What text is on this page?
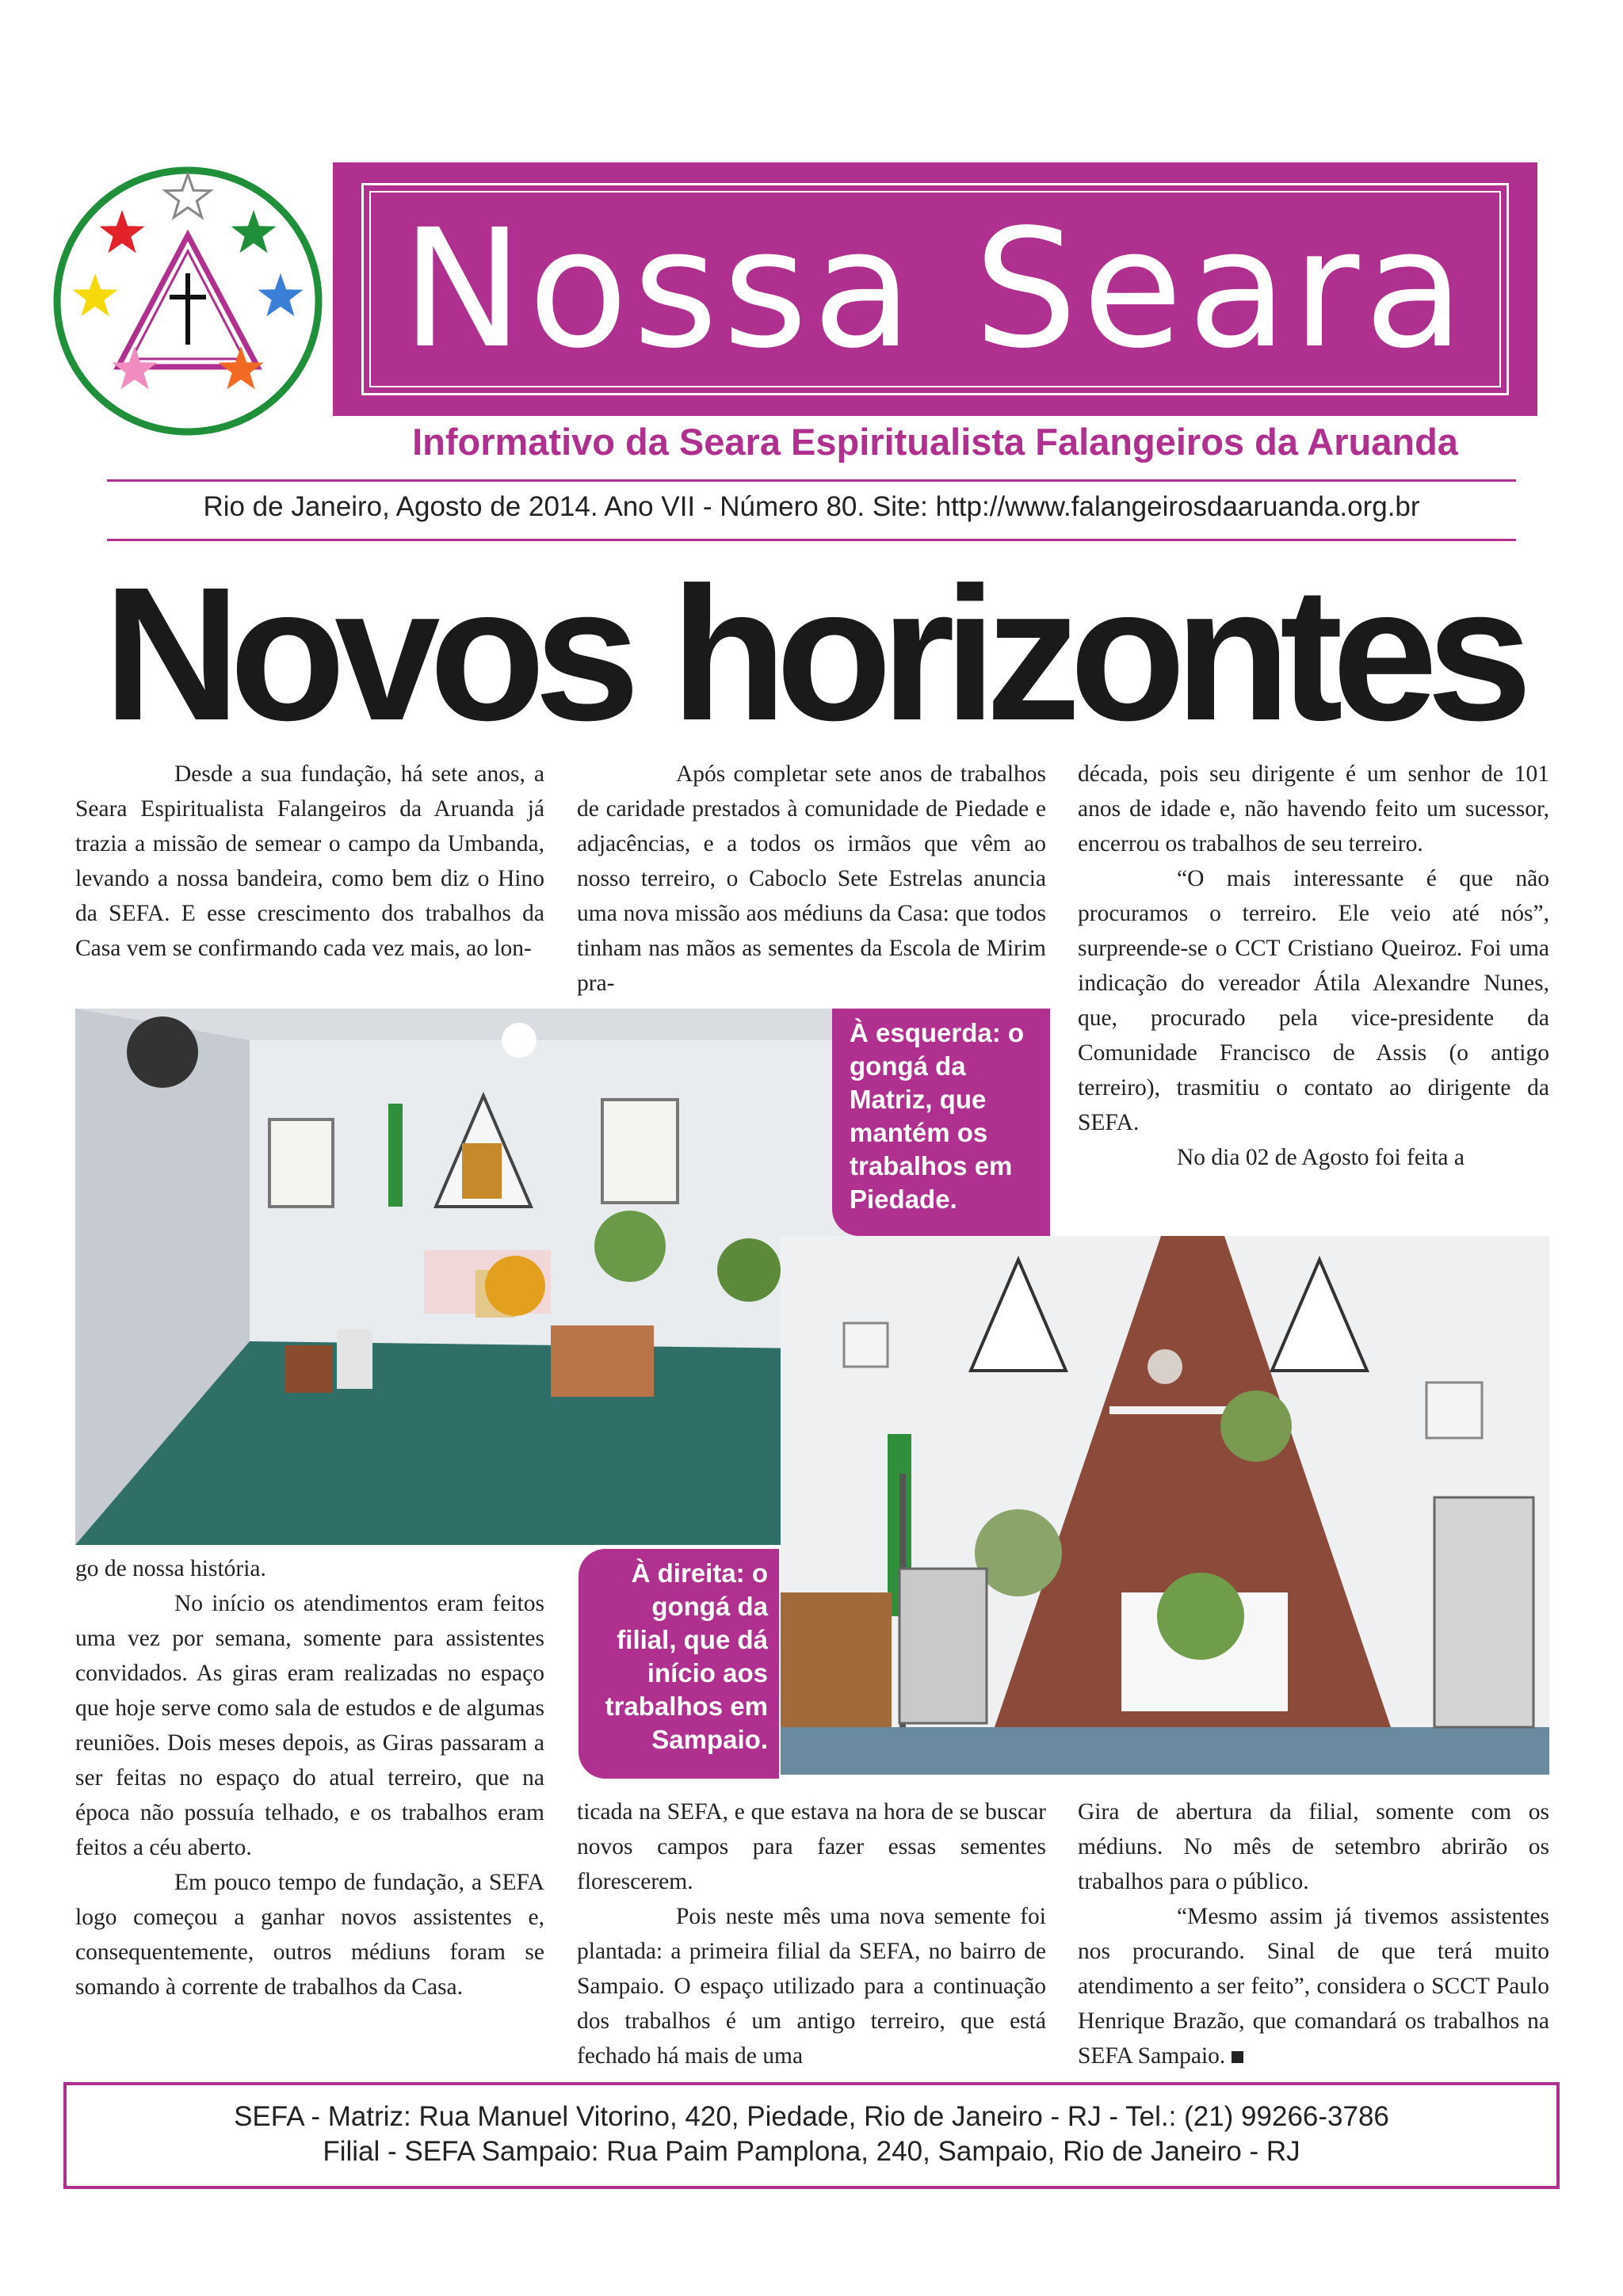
Nossa Seara
Informativo da Seara Espiritualista Falangeiros da Aruanda
Rio de Janeiro, Agosto de 2014. Ano VII - Número 80. Site: http://www.falangeirosdaaruanda.org.br
Novos horizontes

Desde a sua fundação, há sete anos, a Seara Espiritualista Falangeiros da Aruanda já trazia a missão de semear o campo da Umbanda, levando a nossa bandeira, como bem diz o Hino da SEFA. E esse crescimento dos trabalhos da Casa vem se confirmando cada vez mais, ao lon-

Após completar sete anos de trabalhos de caridade prestados à comunidade de Piedade e adjacências, e a todos os irmãos que vêm ao nosso terreiro, o Caboclo Sete Estrelas anuncia uma nova missão aos médiuns da Casa: que todos tinham nas mãos as sementes da Escola de Mirim pra-

década, pois seu dirigente é um senhor de 101 anos de idade e, não havendo feito um sucessor, encerrou os trabalhos de seu terreiro.

“O mais interessante é que não procuramos o terreiro. Ele veio até nós”, surpreende-se o CCT Cristiano Queiroz. Foi uma indicação do vereador Átila Alexandre Nunes, que, procurado pela vice-presidente da Comunidade Francisco de Assis (o antigo terreiro), trasmitiu o contato ao dirigente da SEFA.

No dia 02 de Agosto foi feita a

À esquerda: o gongá da Matriz, que mantém os trabalhos em Piedade.
À direita: o gongá da filial, que dá início aos trabalhos em Sampaio.

go de nossa história.

No início os atendimentos eram feitos uma vez por semana, somente para assistentes convidados. As giras eram realizadas no espaço que hoje serve como sala de estudos e de algumas reuniões. Dois meses depois, as Giras passaram a ser feitas no espaço do atual terreiro, que na época não possuía telhado, e os trabalhos eram feitos a céu aberto.

Em pouco tempo de fundação, a SEFA logo começou a ganhar novos assistentes e, consequentemente, outros médiuns foram se somando à corrente de trabalhos da Casa.

ticada na SEFA, e que estava na hora de se buscar novos campos para fazer essas sementes florescerem.

Pois neste mês uma nova semente foi plantada: a primeira filial da SEFA, no bairro de Sampaio. O espaço utilizado para a continuação dos trabalhos é um antigo terreiro, que está fechado há mais de uma

Gira de abertura da filial, somente com os médiuns. No mês de setembro abrirão os trabalhos para o público.

“Mesmo assim já tivemos assistentes nos procurando. Sinal de que terá muito atendimento a ser feito”, considera o SCCT Paulo Henrique Brazão, que comandará os trabalhos na SEFA Sampaio.

SEFA - Matriz: Rua Manuel Vitorino, 420, Piedade, Rio de Janeiro - RJ - Tel.: (21) 99266-3786
Filial - SEFA Sampaio: Rua Paim Pamplona, 240, Sampaio, Rio de Janeiro - RJ
